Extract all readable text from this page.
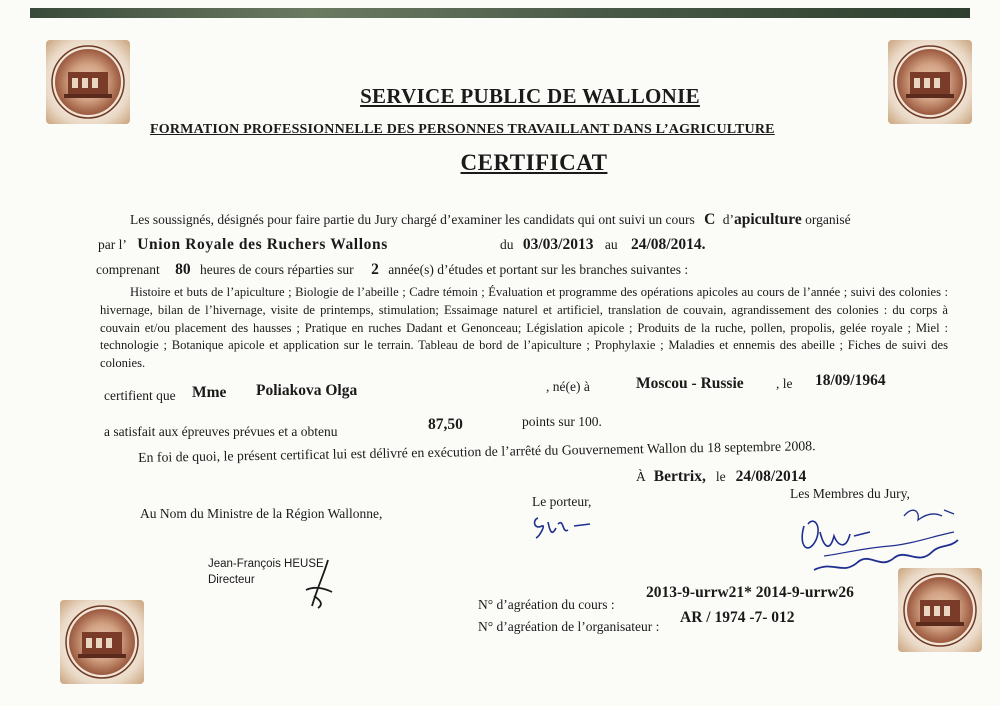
SERVICE PUBLIC DE WALLONIE
FORMATION PROFESSIONNELLE DES PERSONNES TRAVAILLANT DANS L’AGRICULTURE
CERTIFICAT
Les soussignés, désignés pour faire partie du Jury chargé d’examiner les candidats qui ont suivi un cours C d’apiculture organisé
par l’ Union Royale des Ruchers Wallons	du 03/03/2013 au 24/08/2014.
comprenant 80 heures de cours réparties sur 2 année(s) d’études et portant sur les branches suivantes :
Histoire et buts de l’apiculture ; Biologie de l’abeille ; Cadre témoin ; Évaluation et programme des opérations apicoles au cours de l’année ; suivi des colonies : hivernage, bilan de l’hivernage, visite de printemps, stimulation; Essaimage naturel et artificiel, translation de couvain, agrandissement des colonies : du corps à couvain et/ou placement des hausses ; Pratique en ruches Dadant et Genonceau; Législation apicole ; Produits de la ruche, pollen, propolis, gelée royale ; Miel : technologie ; Botanique apicole et application sur le terrain. Tableau de bord de l’apiculture ; Prophylaxie ; Maladies et ennemis des abeille ; Fiches de suivi des colonies.
certifient que Mme Poliakova Olga	, né(e) à	Moscou - Russie , le 18/09/1964
a satisfait aux épreuves prévues et a obtenu	87,50	points sur 100.
En foi de quoi, le présent certificat lui est délivré en exécution de l’arrêté du Gouvernement Wallon du 18 septembre 2008.
À Bertrix, le 24/08/2014
Le porteur,
Les Membres du Jury,
Au Nom du Ministre de la Région Wallonne,
Jean-François HEUSE
Directeur
N° d’agréation du cours :
2013-9-urrw21* 2014-9-urrw26
N° d’agréation de l’organisateur :
AR / 1974 -7- 012
